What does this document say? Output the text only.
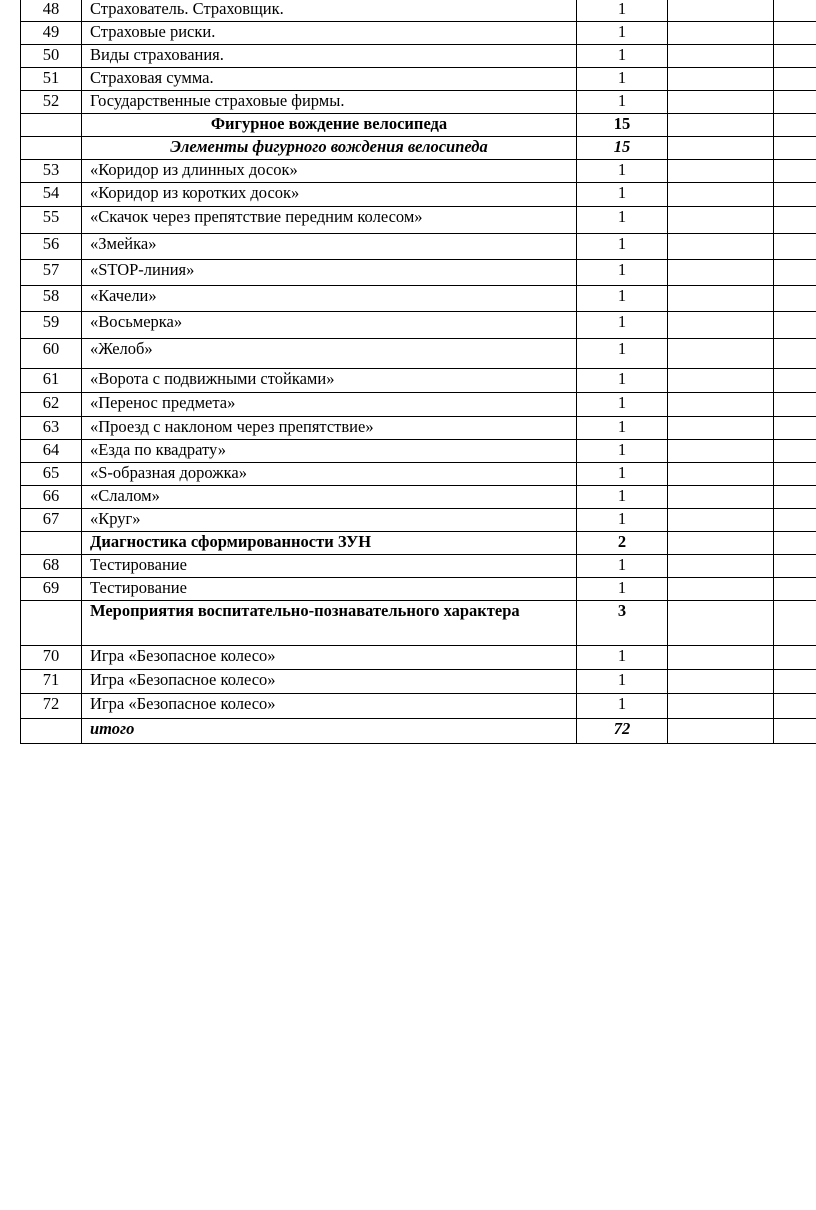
48	Страхователь. Страховщик.	1		
49	Страховые риски.	1		
50	Виды страхования.	1		
51	Страховая сумма.	1		
52	Государственные страховые фирмы.	1		
	Фигурное вождение велосипеда	15		
	Элементы фигурного вождения велосипеда	15		
53	«Коридор из длинных досок»	1		
54	«Коридор из коротких досок»	1		
55	«Скачок через препятствие передним колесом»	1		
56	«Змейка»	1		
57	«STOP-линия»	1		
58	«Качели»	1		
59	«Восьмерка»	1		
60	«Желоб»	1		
61	«Ворота с подвижными стойками»	1		
62	«Перенос предмета»	1		
63	«Проезд с наклоном через препятствие»	1		
64	«Езда по квадрату»	1		
65	«S-образная дорожка»	1		
66	«Слалом»	1		
67	«Круг»	1		
	Диагностика сформированности ЗУН	2		
68	Тестирование	1		
69	Тестирование	1		
	Мероприятия воспитательно-познавательного характера	3		
70	Игра «Безопасное колесо»	1		
71	Игра «Безопасное колесо»	1		
72	Игра «Безопасное колесо»	1		
	итого	72		
